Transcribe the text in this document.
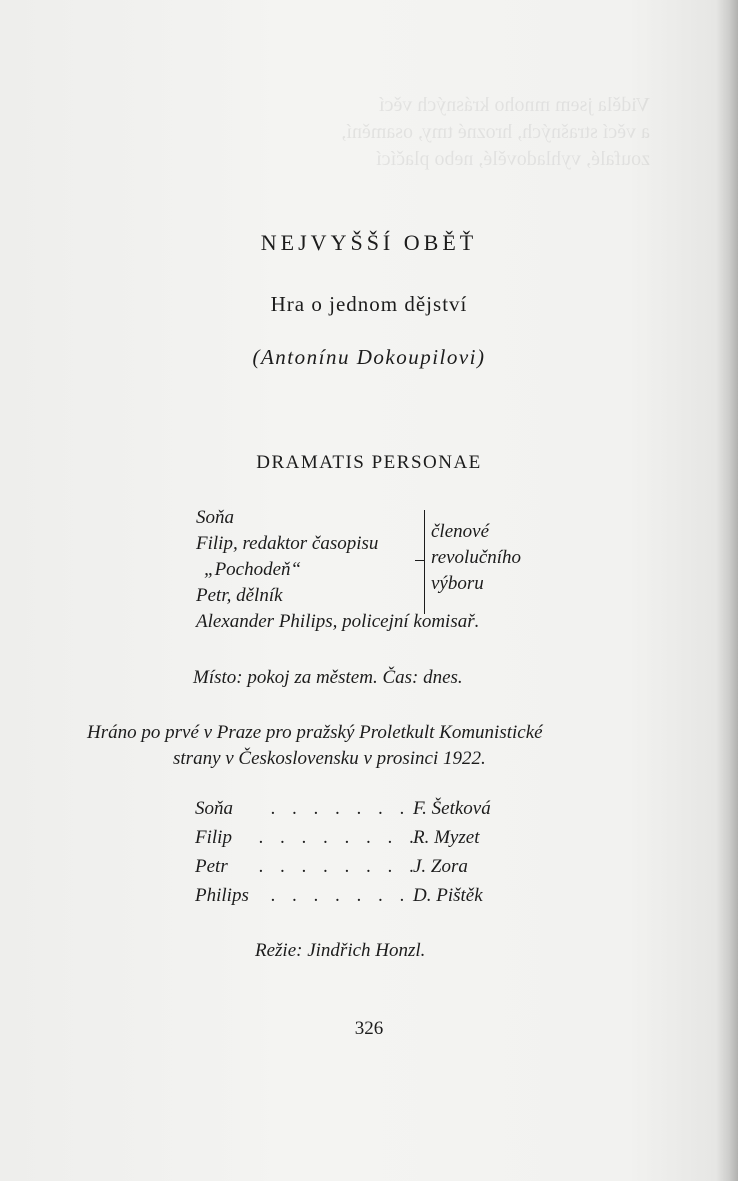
Viděla jsem mnoho krásných věcí
a věcí strašných, hrozné tmy, osamění,
zoufalé, vyhladovělé, nebo plačící

NEJVYŠŠÍ OBĚŤ
Hra o jednom dějství
(Antonínu Dokoupilovi)
DRAMATIS PERSONAE
Soňa
Filip, redaktor časopisu
„Pochodeň“
Petr, dělník
Alexander Philips, policejní komisař.
členové
revolučního
výboru
Místo: pokoj za městem. Čas: dnes.
Hráno po prvé v Praze pro pražský Proletkult Komunistické
strany v Československu v prosinci 1922.
Soňa . . . . . . . F. Šetková
Filip . . . . . . . .
R. Myzet
Petr . . . . . . . .
J. Zora
Philips . . . . . . . D. Pištěk
Režie: Jindřich Honzl.
326
